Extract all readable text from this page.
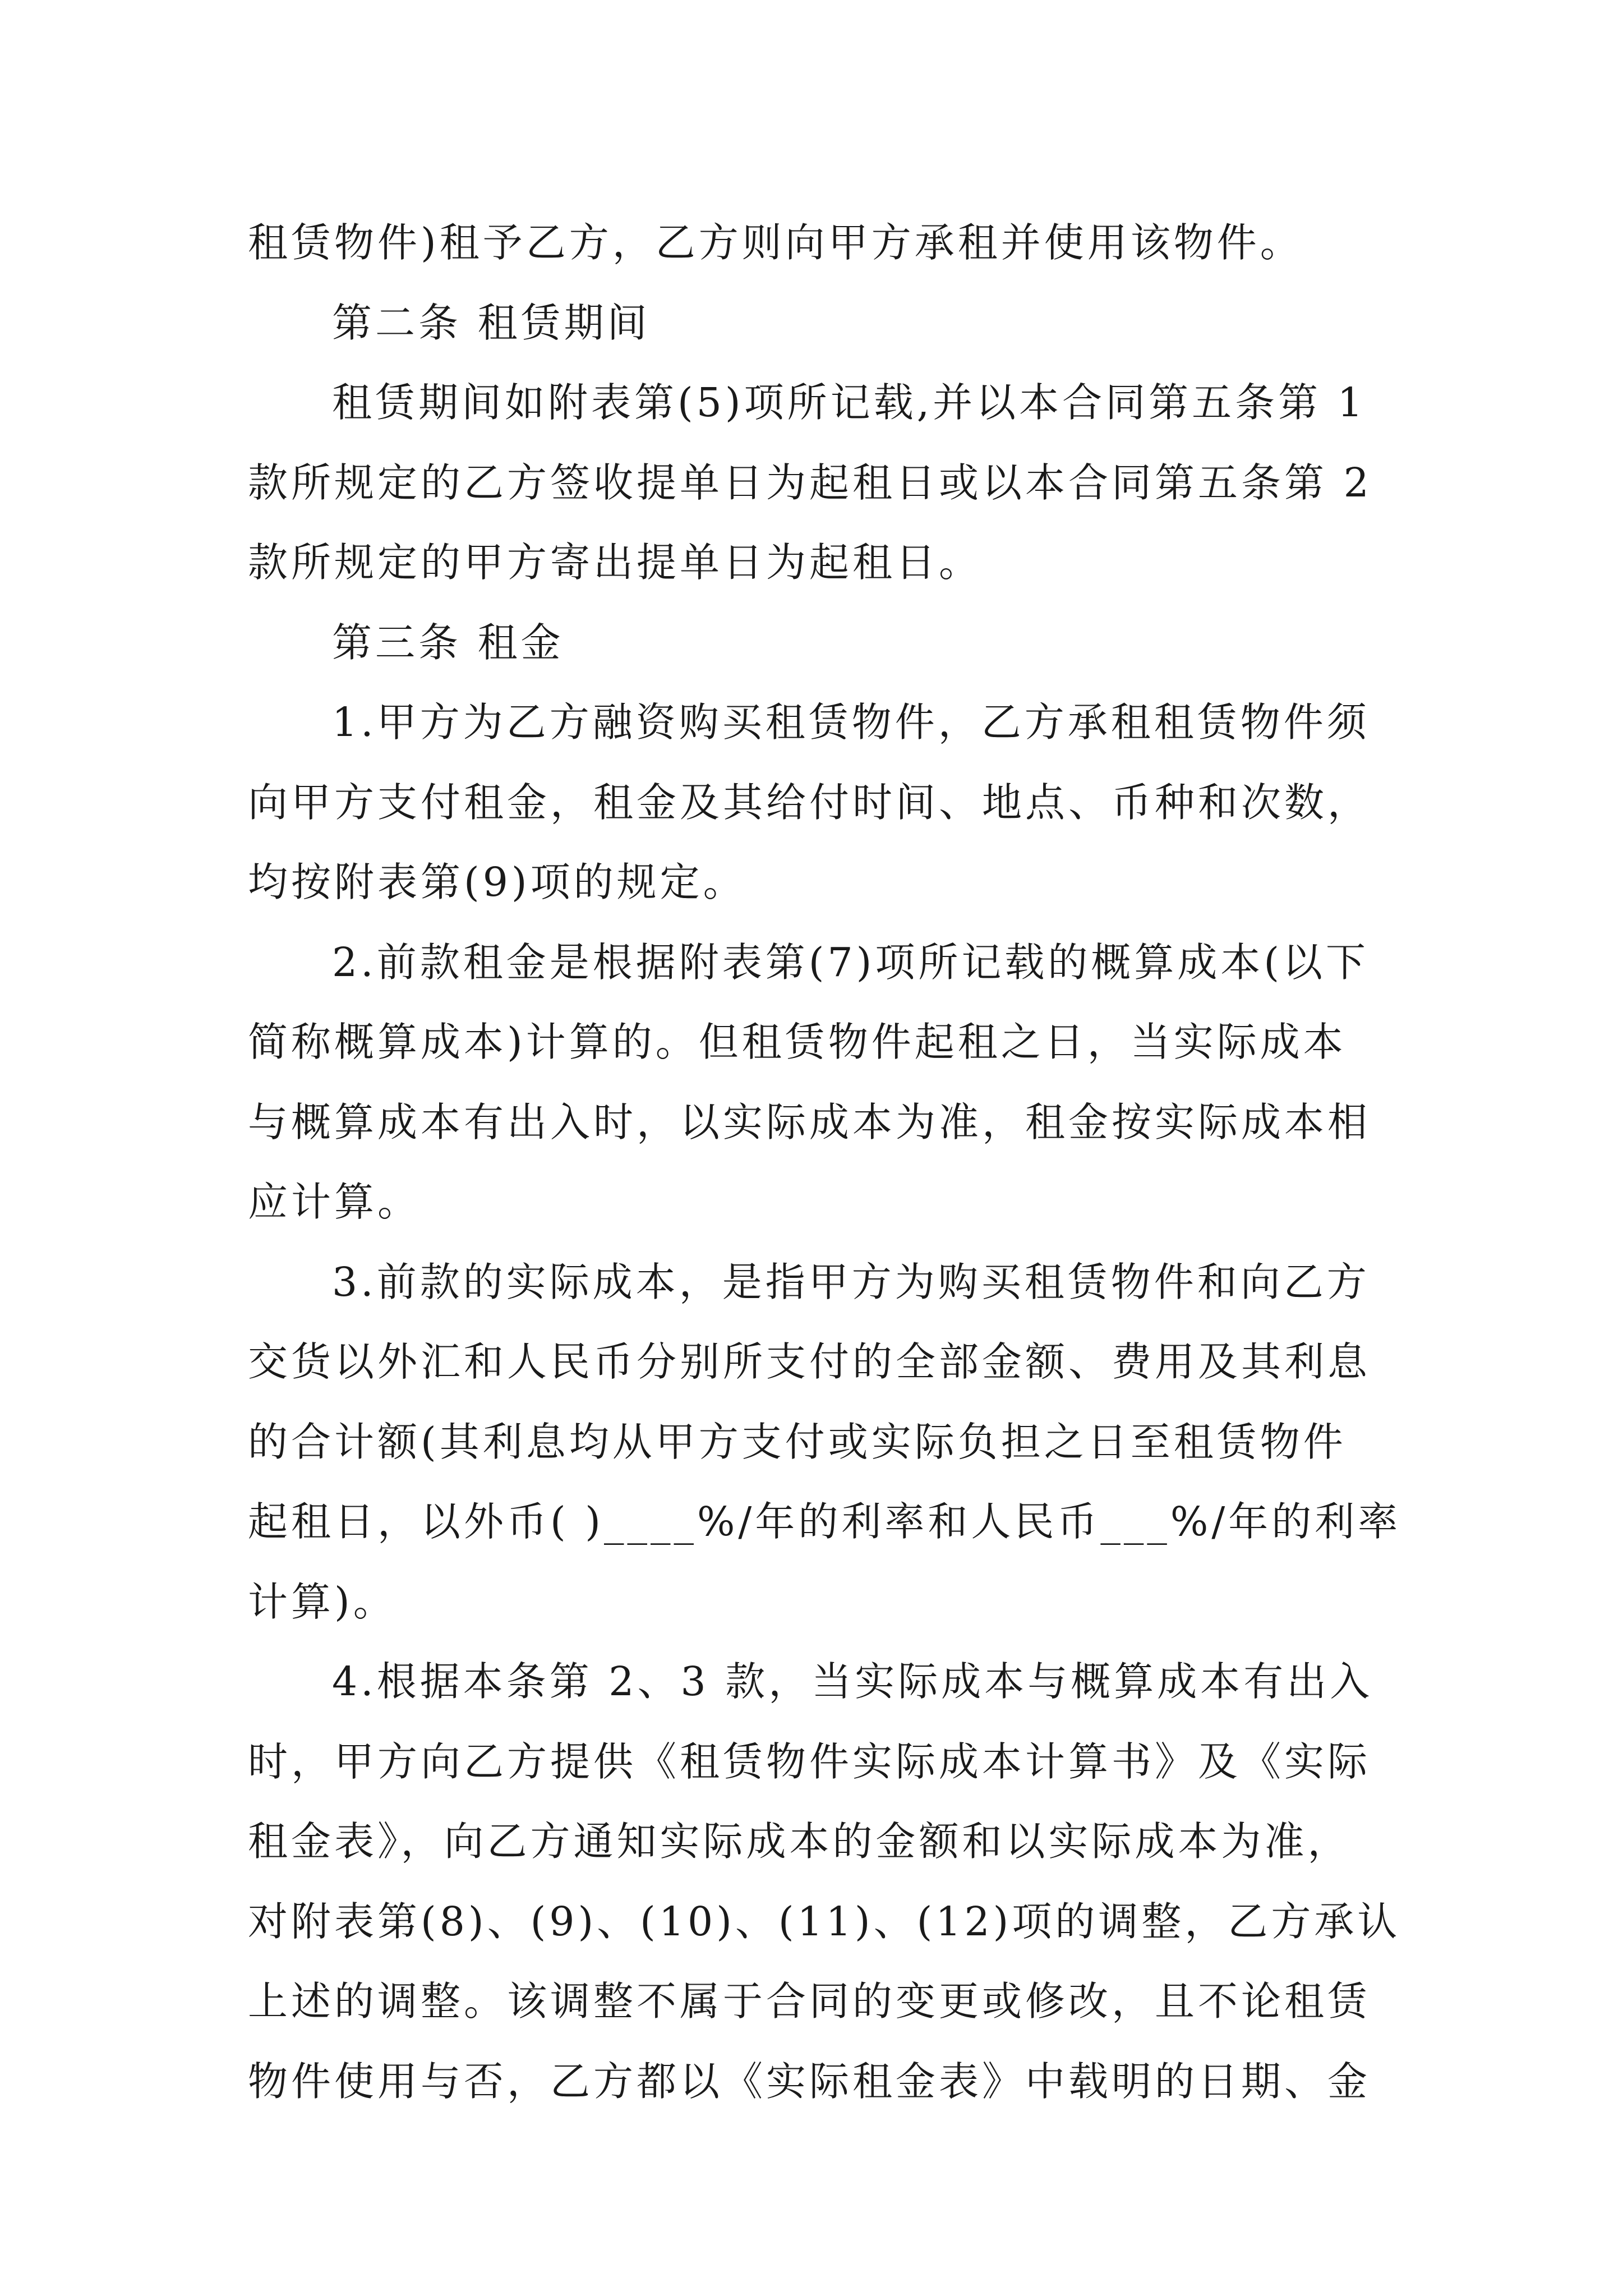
租赁物件)租予乙方，乙方则向甲方承租并使用该物件。
第二条 租赁期间
租赁期间如附表第(5)项所记载,并以本合同第五条第 1
款所规定的乙方签收提单日为起租日或以本合同第五条第 2
款所规定的甲方寄出提单日为起租日。
第三条 租金
1.甲方为乙方融资购买租赁物件，乙方承租租赁物件须
向甲方支付租金，租金及其给付时间、地点、币种和次数，
均按附表第(9)项的规定。
2.前款租金是根据附表第(7)项所记载的概算成本(以下
简称概算成本)计算的。但租赁物件起租之日，当实际成本
与概算成本有出入时，以实际成本为准，租金按实际成本相
应计算。
3.前款的实际成本，是指甲方为购买租赁物件和向乙方
交货以外汇和人民币分别所支付的全部金额、费用及其利息
的合计额(其利息均从甲方支付或实际负担之日至租赁物件
起租日，以外币( )____%/年的利率和人民币___%/年的利率
计算)。
4.根据本条第 2、3 款，当实际成本与概算成本有出入
时，甲方向乙方提供《租赁物件实际成本计算书》及《实际
租金表》，向乙方通知实际成本的金额和以实际成本为准，
对附表第(8)、(9)、(10)、(11)、(12)项的调整，乙方承认
上述的调整。该调整不属于合同的变更或修改，且不论租赁
物件使用与否，乙方都以《实际租金表》中载明的日期、金
